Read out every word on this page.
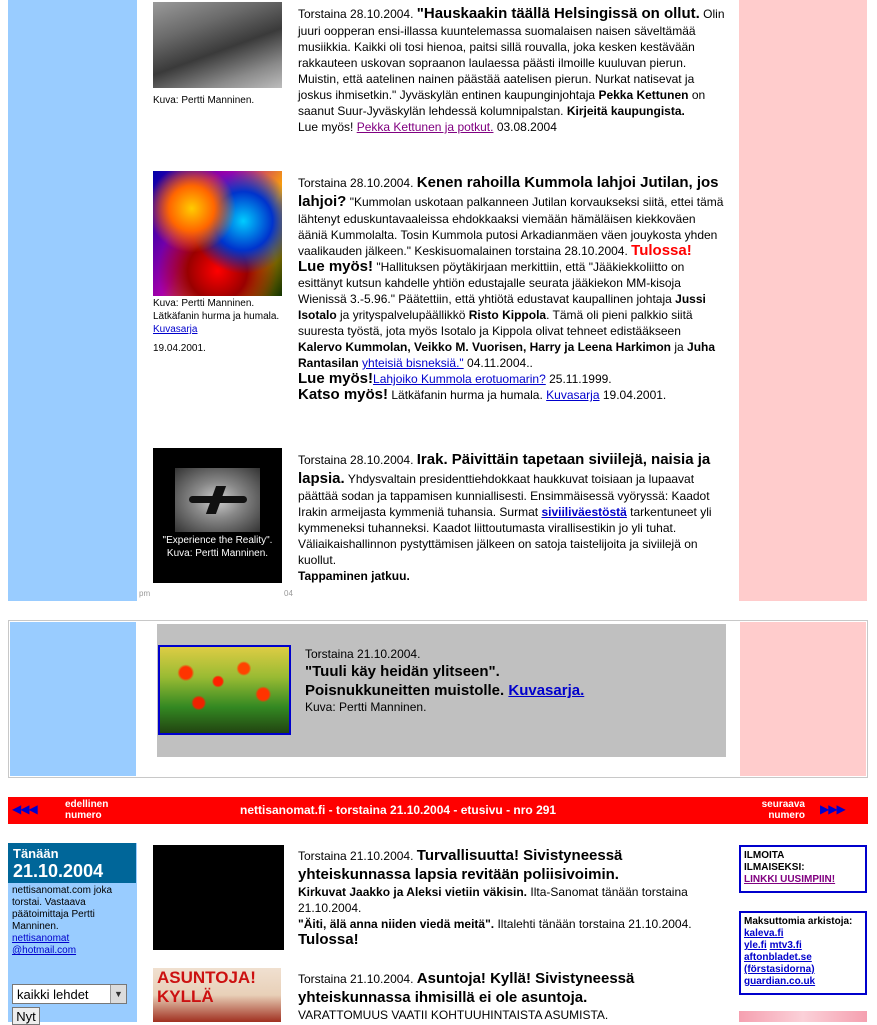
Kuva: Pertti Manninen.
Torstaina 28.10.2004. "Hauskaakin täällä Helsingissä on ollut. Olin juuri oopperan ensi-illassa kuuntelemassa suomalaisen naisen säveltämää musiikkia. Kaikki oli tosi hienoa, paitsi sillä rouvalla, joka kesken kestävään rakkauteen uskovan sopraanon laulaessa päästi ilmoille kuuluvan pierun. Muistin, että aatelinen nainen päästää aatelisen pierun. Nurkat natisevat ja joskus ihmisetkin." Jyväskylän entinen kaupunginjohtaja Pekka Kettunen on saanut Suur-Jyväskylän lehdessä kolumnipalstan. Kirjeitä kaupungista.
Lue myös! Pekka Kettunen ja potkut. 03.08.2004
Kuva: Pertti Manninen. Lätkäfanin hurma ja humala. Kuvasarja
19.04.2001.
Torstaina 28.10.2004. Kenen rahoilla Kummola lahjoi Jutilan, jos lahjoi? "Kummolan uskotaan palkanneen Jutilan korvaukseksi siitä, ettei tämä lähtenyt eduskuntavaaleissa ehdokkaaksi viemään hämäläisen kiekkoväen ääniä Kummolalta. Tosin Kummola putosi Arkadianmäen väen jouykosta yhden vaalikauden jälkeen." Keskisuomalainen torstaina 28.10.2004. Tulossa!
Lue myös! "Hallituksen pöytäkirjaan merkittiin, että "Jääkiekkoliitto on esittänyt kutsun kahdelle yhtiön edustajalle seurata jääkiekon MM-kisoja Wienissä 3.-5.96." Päätettiin, että yhtiötä edustavat kaupallinen johtaja Jussi Isotalo ja yrityspalvelupäällikkö Risto Kippola. Tämä oli pieni palkkio siitä suuresta työstä, jota myös Isotalo ja Kippola olivat tehneet edistääkseen Kalervo Kummolan, Veikko M. Vuorisen, Harry ja Leena Harkimon ja Juha Rantasilan yhteisiä bisneksiä." 04.11.2004..
Lue myös!Lahjoiko Kummola erotuomarin? 25.11.1999.
Katso myös! Lätkäfanin hurma ja humala. Kuvasarja 19.04.2001.
"Experience the Reality". Kuva: Pertti Manninen.
Torstaina 28.10.2004. Irak. Päivittäin tapetaan siviilejä, naisia ja lapsia. Yhdysvaltain presidenttiehdokkaat haukkuvat toisiaan ja lupaavat päättää sodan ja tappamisen kunniallisesti. Ensimmäisessä vyöryssä: Kaadot Irakin armeijasta kymmeniä tuhansia. Surmat siviiliväestöstä tarkentuneet yli kymmeneksi tuhanneksi. Kaadot liittoutumasta virallisestikin jo yli tuhat. Väliaikaishallinnon pystyttämisen jälkeen on satoja taistelijoita ja siviilejä on kuollut.
Tappaminen jatkuu.
pm	04
Torstaina 21.10.2004.
"Tuuli käy heidän ylitseen".
Poisnukkuneitten muistolle. Kuvasarja.
Kuva: Pertti Manninen.
◀◀◀	edellinen
numero	nettisanomat.fi - torstaina 21.10.2004 - etusivu - nro 291	seuraava
numero ▶▶▶
Tänään
21.10.2004
nettisanomat.com joka torstai. Vastaava päätoimittaja Pertti Manninen.
nettisanomat
@hotmail.com
kaikki lehdet	▼
Nyt
Torstaina 21.10.2004. Turvallisuutta! Sivistyneessä yhteiskunnassa lapsia revitään poliisivoimin.
Kirkuvat Jaakko ja Aleksi vietiin väkisin. Ilta-Sanomat tänään torstaina 21.10.2004.
"Äiti, älä anna niiden viedä meitä". Iltalehti tänään torstaina 21.10.2004. Tulossa!
ASUNTOJA! KYLLÄ
Torstaina 21.10.2004. Asuntoja! Kyllä! Sivistyneessä yhteiskunnassa ihmisillä ei ole asuntoja.
VARATTOMUUS VAATII KOHTUUHINTAISTA ASUMISTA.
ILMOITA
ILMAISEKSI:
LINKKI UUSIMPIIN!
Maksuttomia arkistoja: kaleva.fi
yle.fi mtv3.fi
aftonbladet.se
(förstasidorna)
guardian.co.uk
